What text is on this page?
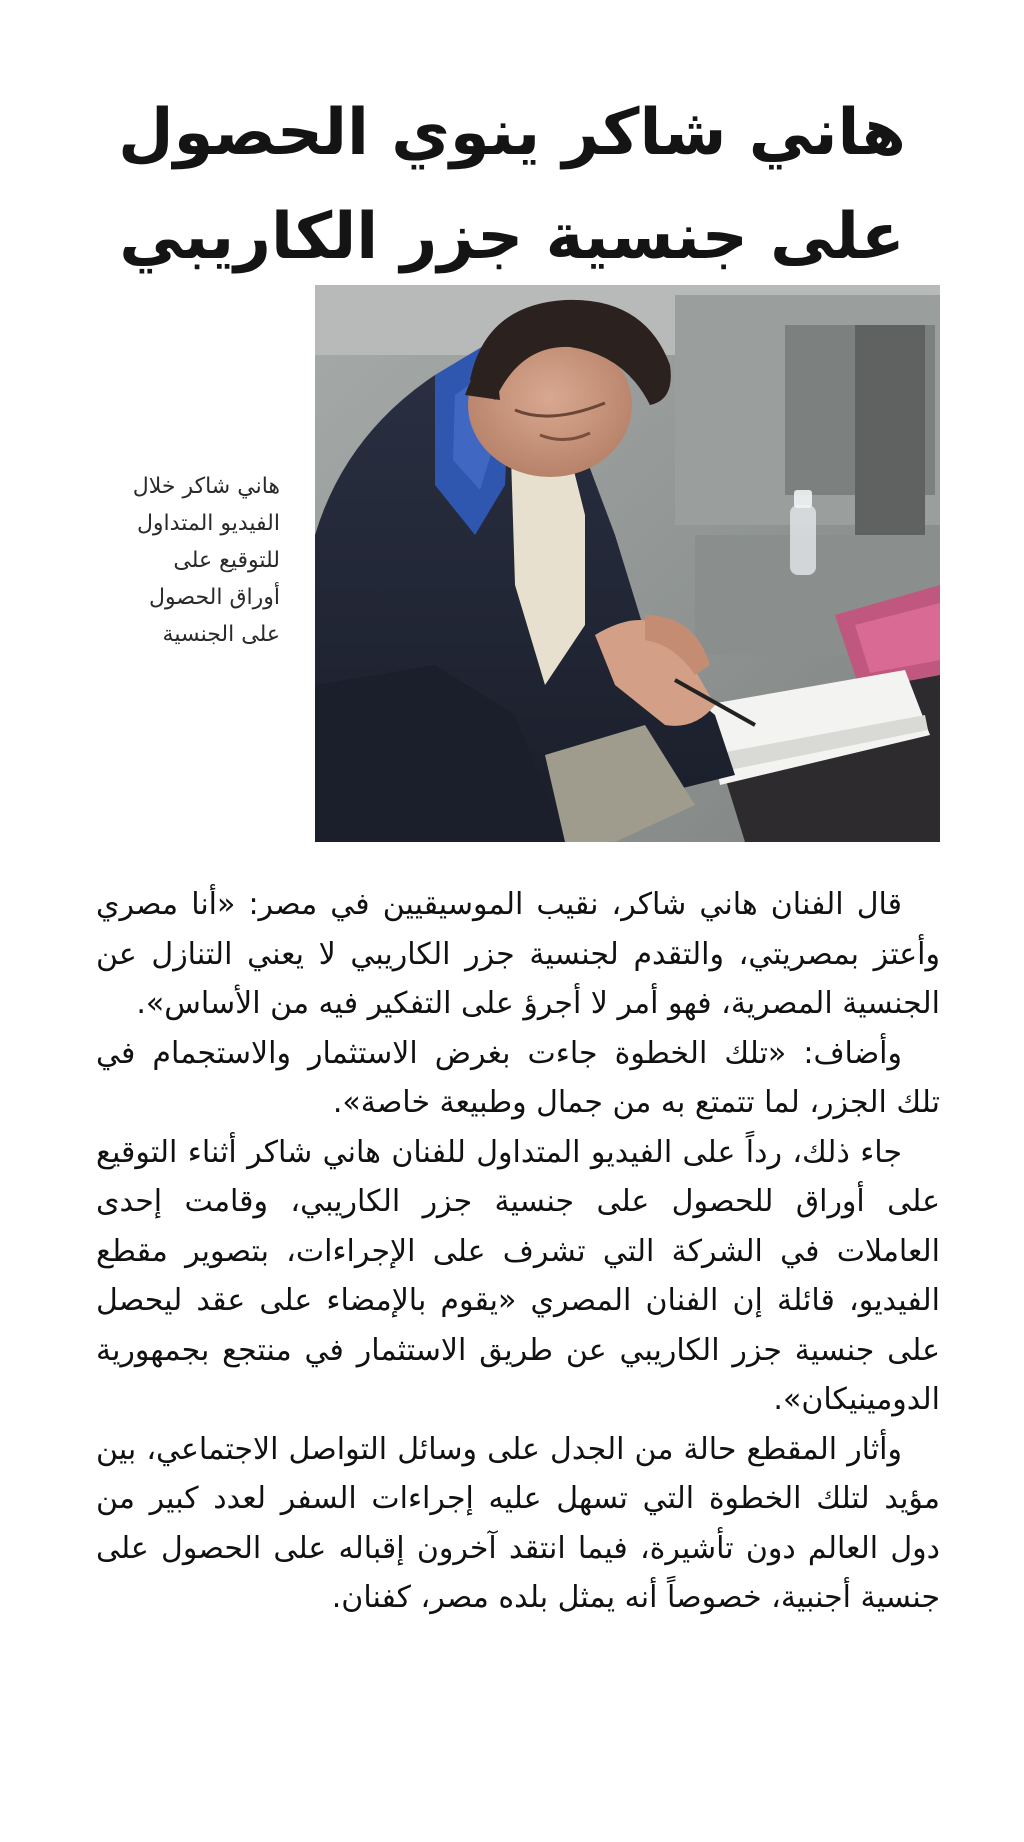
هاني شاكر ينوي الحصول
على جنسية جزر الكاريبي
هاني شاكر خلال
الفيديو المتداول
للتوقيع على
أوراق الحصول
على الجنسية

قال الفنان هاني شاكر، نقيب الموسيقيين في مصر: «أنا مصري وأعتز بمصريتي، والتقدم لجنسية جزر الكاريبي لا يعني التنازل عن الجنسية المصرية، فهو أمر لا أجرؤ على التفكير فيه من الأساس».

وأضاف: «تلك الخطوة جاءت بغرض الاستثمار والاستجمام في تلك الجزر، لما تتمتع به من جمال وطبيعة خاصة».

جاء ذلك، رداً على الفيديو المتداول للفنان هاني شاكر أثناء التوقيع على أوراق للحصول على جنسية جزر الكاريبي، وقامت إحدى العاملات في الشركة التي تشرف على الإجراءات، بتصوير مقطع الفيديو، قائلة إن الفنان المصري «يقوم بالإمضاء على عقد ليحصل على جنسية جزر الكاريبي عن طريق الاستثمار في منتجع بجمهورية الدومينيكان».

وأثار المقطع حالة من الجدل على وسائل التواصل الاجتماعي، بين مؤيد لتلك الخطوة التي تسهل عليه إجراءات السفر لعدد كبير من دول العالم دون تأشيرة، فيما انتقد آخرون إقباله على الحصول على جنسية أجنبية، خصوصاً أنه يمثل بلده مصر، كفنان.
